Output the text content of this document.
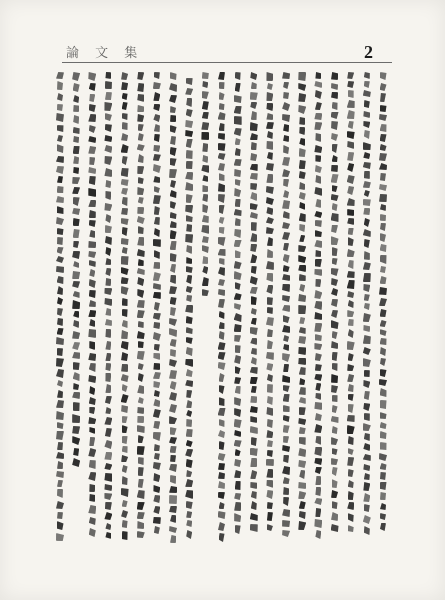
論 文 集	2
